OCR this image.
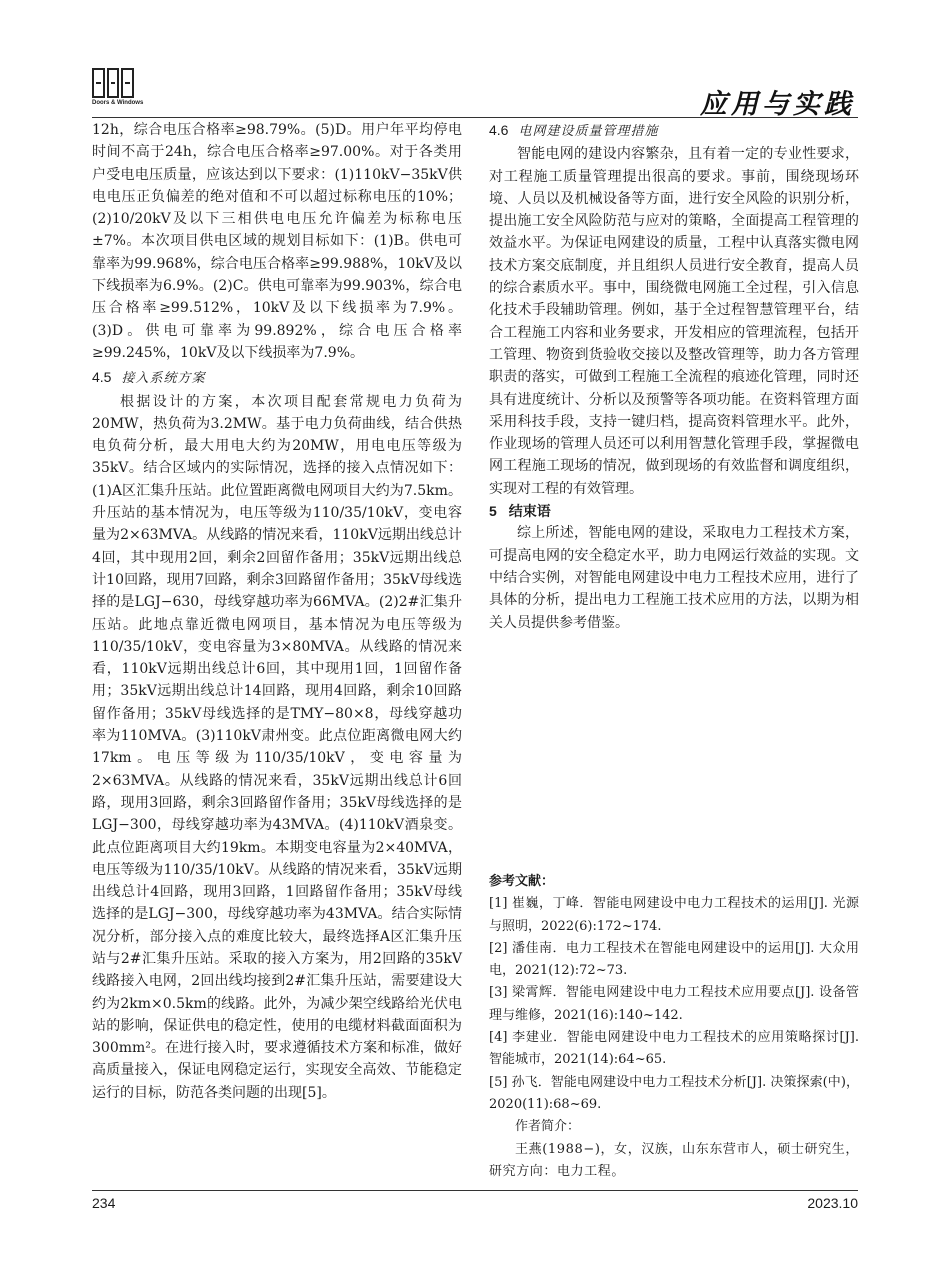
Doors & Windows	应用与实践

12h，综合电压合格率≥98.79%。(5)D。用户年平均停电时间不高于24h，综合电压合格率≥97.00%。对于各类用户受电电压质量，应该达到以下要求：(1)110kV−35kV供电电压正负偏差的绝对值和不可以超过标称电压的10%；(2)10/20kV及以下三相供电电压允许偏差为标称电压±7%。本次项目供电区域的规划目标如下：(1)B。供电可靠率为99.968%，综合电压合格率≥99.988%，10kV及以下线损率为6.9%。(2)C。供电可靠率为99.903%，综合电压合格率≥99.512%，10kV及以下线损率为7.9%。(3)D。供电可靠率为99.892%，综合电压合格率≥99.245%，10kV及以下线损率为7.9%。

4.5 接入系统方案

根据设计的方案，本次项目配套常规电力负荷为20MW，热负荷为3.2MW。基于电力负荷曲线，结合供热电负荷分析，最大用电大约为20MW，用电电压等级为35kV。结合区域内的实际情况，选择的接入点情况如下：(1)A区汇集升压站。此位置距离微电网项目大约为7.5km。升压站的基本情况为，电压等级为110/35/10kV，变电容量为2×63MVA。从线路的情况来看，110kV远期出线总计4回，其中现用2回，剩余2回留作备用；35kV远期出线总计10回路，现用7回路，剩余3回路留作备用；35kV母线选择的是LGJ−630，母线穿越功率为66MVA。(2)2#汇集升压站。此地点靠近微电网项目，基本情况为电压等级为110/35/10kV，变电容量为3×80MVA。从线路的情况来看，110kV远期出线总计6回，其中现用1回，1回留作备用；35kV远期出线总计14回路，现用4回路，剩余10回路留作备用；35kV母线选择的是TMY−80×8，母线穿越功率为110MVA。(3)110kV肃州变。此点位距离微电网大约17km。电压等级为110/35/10kV，变电容量为2×63MVA。从线路的情况来看，35kV远期出线总计6回路，现用3回路，剩余3回路留作备用；35kV母线选择的是LGJ−300，母线穿越功率为43MVA。(4)110kV酒泉变。此点位距离项目大约19km。本期变电容量为2×40MVA，电压等级为110/35/10kV。从线路的情况来看，35kV远期出线总计4回路，现用3回路，1回路留作备用；35kV母线选择的是LGJ−300，母线穿越功率为43MVA。结合实际情况分析，部分接入点的难度比较大，最终选择A区汇集升压站与2#汇集升压站。采取的接入方案为，用2回路的35kV线路接入电网，2回出线均接到2#汇集升压站，需要建设大约为2km×0.5km的线路。此外，为减少架空线路给光伏电站的影响，保证供电的稳定性，使用的电缆材料截面面积为300mm²。在进行接入时，要求遵循技术方案和标准，做好高质量接入，保证电网稳定运行，实现安全高效、节能稳定运行的目标，防范各类问题的出现[5]。

4.6 电网建设质量管理措施

智能电网的建设内容繁杂，且有着一定的专业性要求，对工程施工质量管理提出很高的要求。事前，围绕现场环境、人员以及机械设备等方面，进行安全风险的识别分析，提出施工安全风险防范与应对的策略，全面提高工程管理的效益水平。为保证电网建设的质量，工程中认真落实微电网技术方案交底制度，并且组织人员进行安全教育，提高人员的综合素质水平。事中，围绕微电网施工全过程，引入信息化技术手段辅助管理。例如，基于全过程智慧管理平台，结合工程施工内容和业务要求，开发相应的管理流程，包括开工管理、物资到货验收交接以及整改管理等，助力各方管理职责的落实，可做到工程施工全流程的痕迹化管理，同时还具有进度统计、分析以及预警等各项功能。在资料管理方面采用科技手段，支持一键归档，提高资料管理水平。此外，作业现场的管理人员还可以利用智慧化管理手段，掌握微电网工程施工现场的情况，做到现场的有效监督和调度组织，实现对工程的有效管理。

5 结束语

综上所述，智能电网的建设，采取电力工程技术方案，可提高电网的安全稳定水平，助力电网运行效益的实现。文中结合实例，对智能电网建设中电力工程技术应用，进行了具体的分析，提出电力工程施工技术应用的方法，以期为相关人员提供参考借鉴。

参考文献：
[1] 崔巍，丁峰．智能电网建设中电力工程技术的运用[J]. 光源与照明，2022(6):172~174.
[2] 潘佳南．电力工程技术在智能电网建设中的运用[J]. 大众用电，2021(12):72~73.
[3] 梁霄辉．智能电网建设中电力工程技术应用要点[J]. 设备管理与维修，2021(16):140~142.
[4] 李建业．智能电网建设中电力工程技术的应用策略探讨[J]. 智能城市，2021(14):64~65.
[5] 孙飞．智能电网建设中电力工程技术分析[J]. 决策探索(中)，2020(11):68~69.
作者简介：
王燕(1988−)，女，汉族，山东东营市人，硕士研究生，研究方向：电力工程。
234	2023.10
